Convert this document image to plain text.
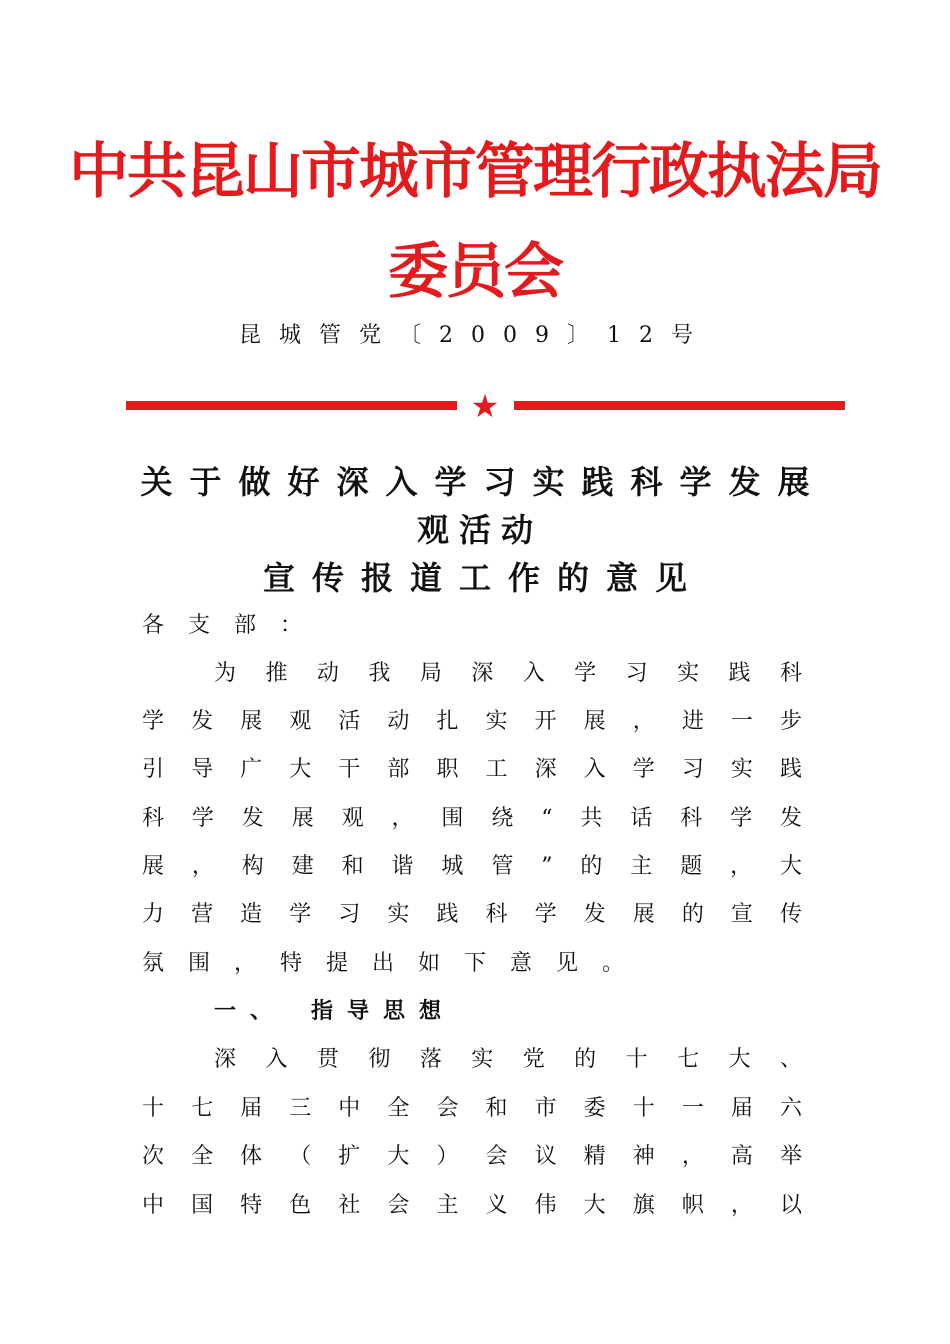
中共昆山市城市管理行政执法局
委员会
昆城管党〔2009〕12号
★
关于做好深入学习实践科学发展
观活动
宣传报道工作的意见
各支部：
为推动我局深入学习实践科
学发展观活动扎实开展，进一步
引导广大干部职工深入学习实践
科学发展观，围绕“共话科学发
展，构建和谐城管”的主题，大
力营造学习实践科学发展的宣传
氛围，特提出如下意见。
一、　指导思想
深入贯彻落实党的十七大、
十七届三中全会和市委十一届六
次全体（扩大）会议精神，高举
中国特色社会主义伟大旗帜，以
